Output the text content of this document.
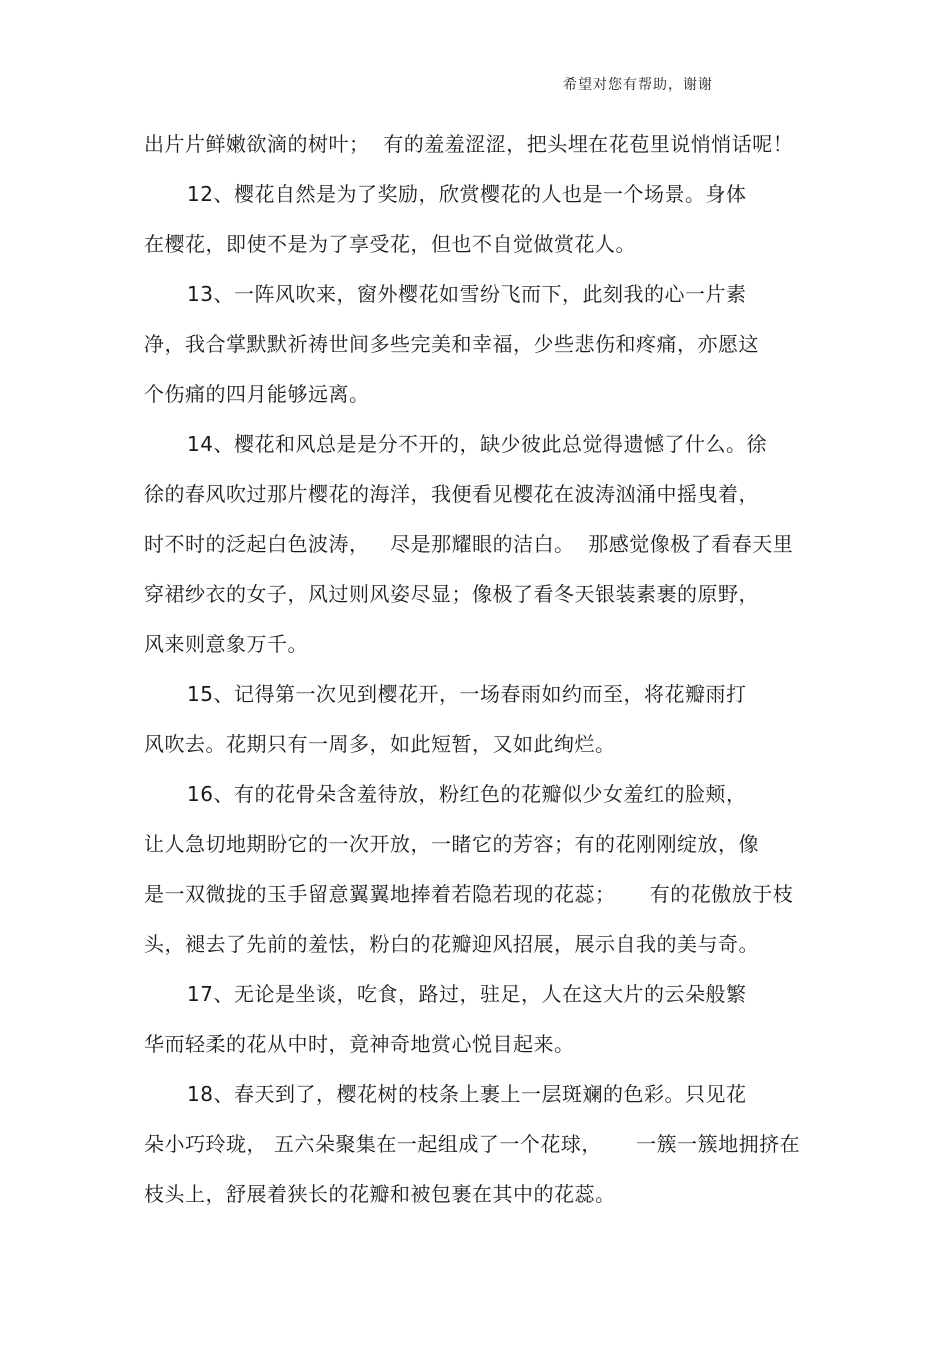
希望对您有帮助，谢谢
出片片鲜嫩欲滴的树叶；  有的羞羞涩涩，把头埋在花苞里说悄悄话呢！
12、樱花自然是为了奖励，欣赏樱花的人也是一个场景。身体
在樱花，即使不是为了享受花，但也不自觉做赏花人。
13、一阵风吹来，窗外樱花如雪纷飞而下，此刻我的心一片素
净，我合掌默默祈祷世间多些完美和幸福，少些悲伤和疼痛，亦愿这
个伤痛的四月能够远离。
14、樱花和风总是是分不开的，缺少彼此总觉得遗憾了什么。徐
徐的春风吹过那片樱花的海洋，我便看见樱花在波涛汹涌中摇曳着，
时不时的泛起白色波涛，   尽是那耀眼的洁白。  那感觉像极了看春天里
穿裙纱衣的女子，风过则风姿尽显；像极了看冬天银装素裹的原野，
风来则意象万千。
15、记得第一次见到樱花开，一场春雨如约而至，将花瓣雨打
风吹去。花期只有一周多，如此短暂，又如此绚烂。
16、有的花骨朵含羞待放，粉红色的花瓣似少女羞红的脸颊，
让人急切地期盼它的一次开放，一睹它的芳容；有的花刚刚绽放，像
是一双微拢的玉手留意翼翼地捧着若隐若现的花蕊；     有的花傲放于枝
头，褪去了先前的羞怯，粉白的花瓣迎风招展，展示自我的美与奇。
17、无论是坐谈，吃食，路过，驻足，人在这大片的云朵般繁
华而轻柔的花从中时，竟神奇地赏心悦目起来。
18、春天到了，樱花树的枝条上裹上一层斑斓的色彩。只见花
朵小巧玲珑， 五六朵聚集在一起组成了一个花球，     一簇一簇地拥挤在
枝头上，舒展着狭长的花瓣和被包裹在其中的花蕊。
